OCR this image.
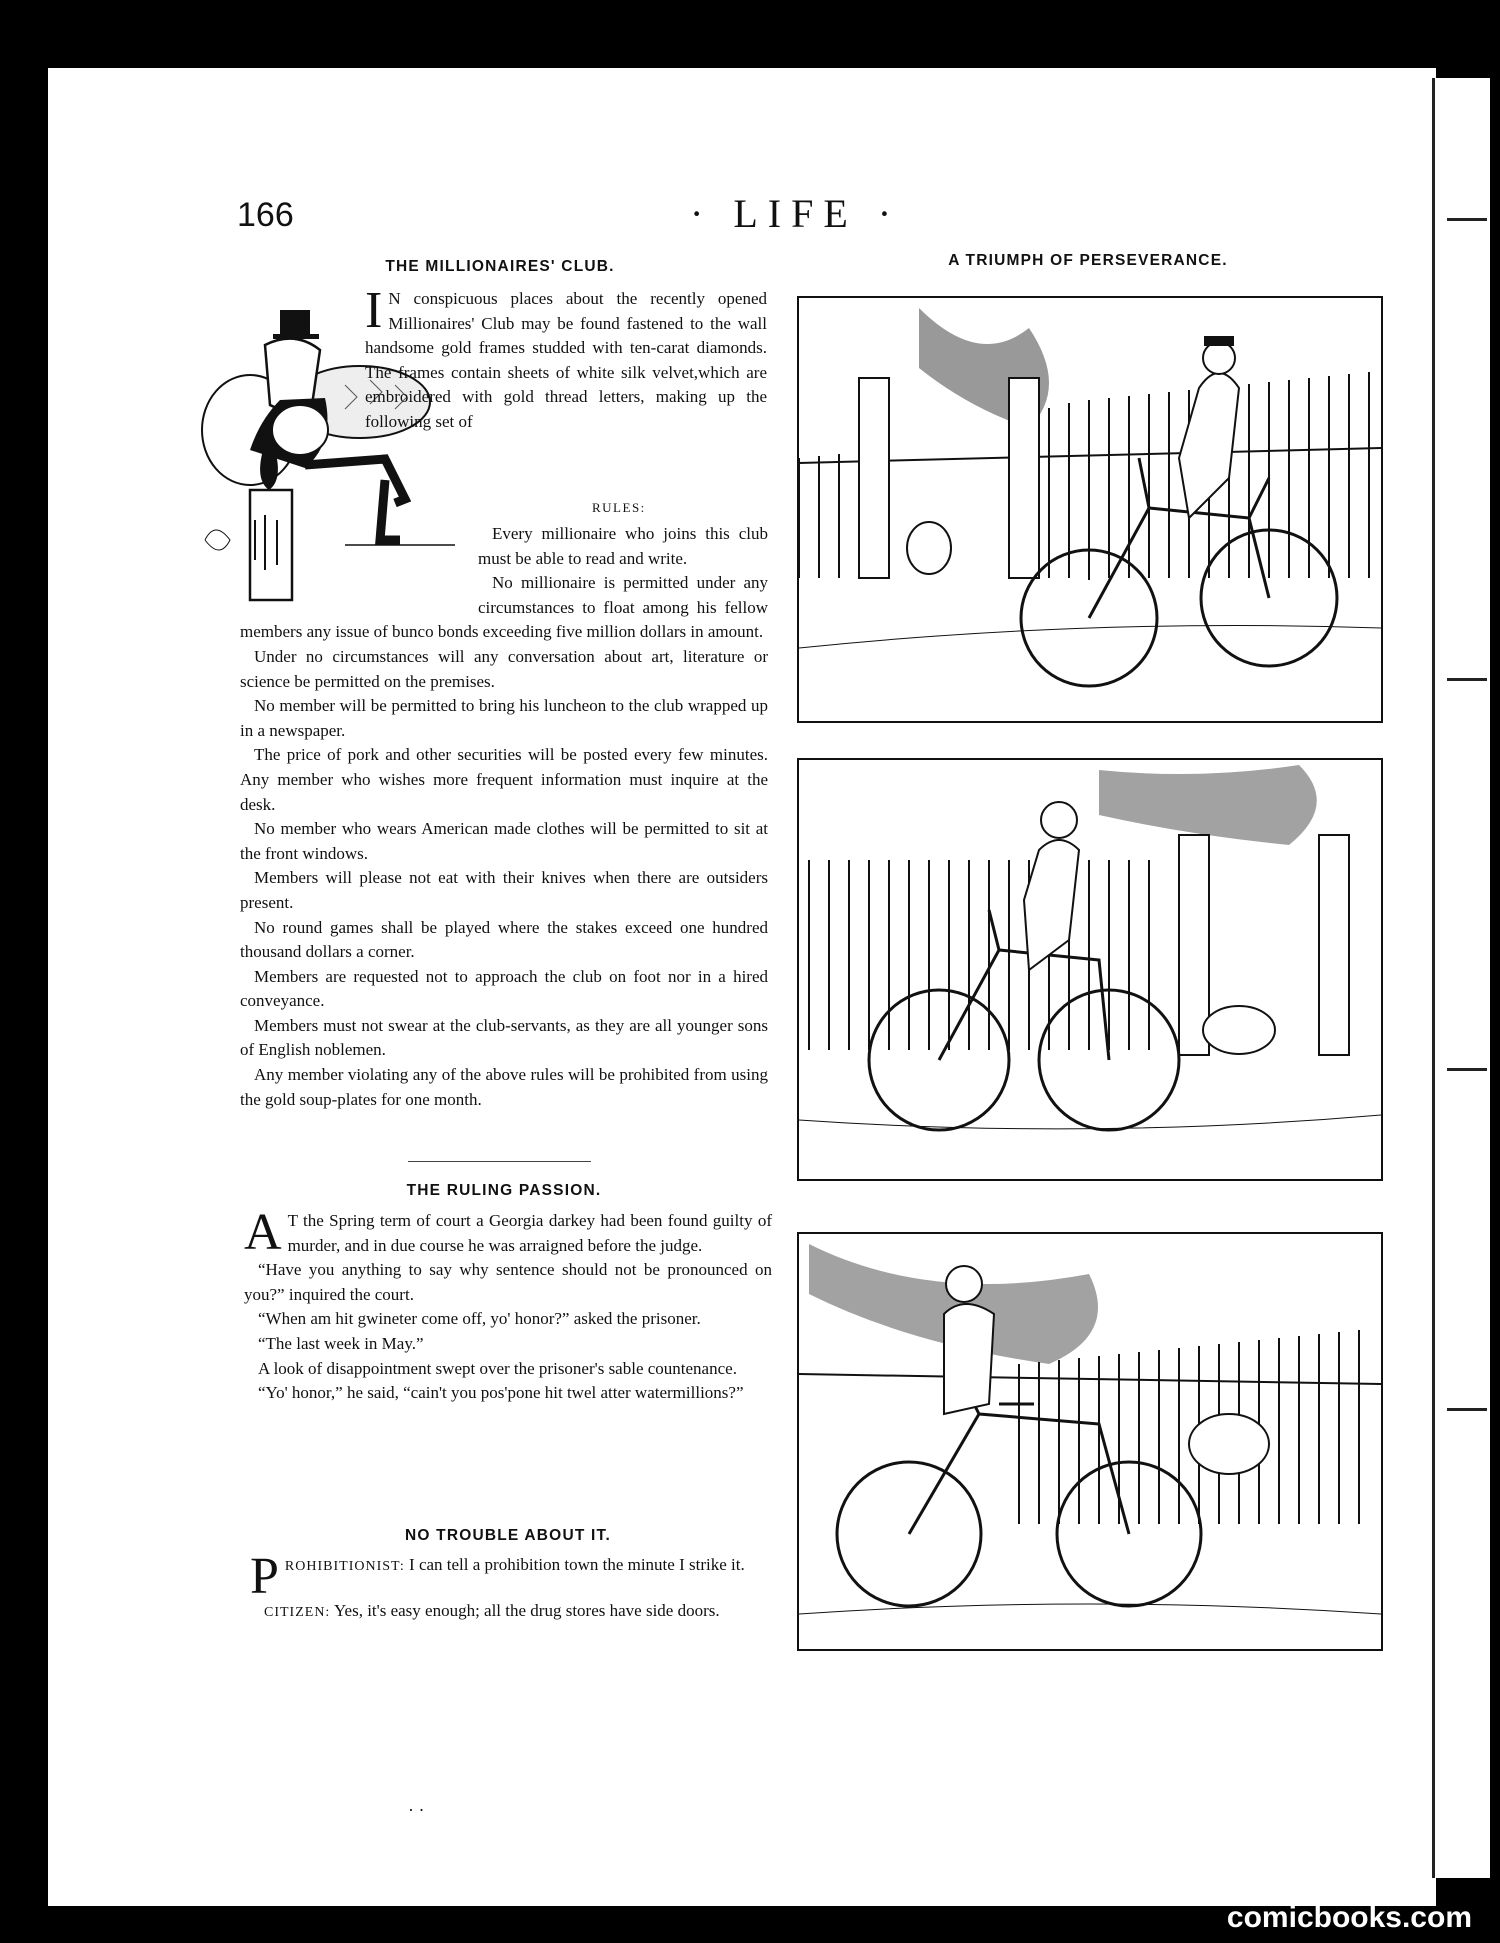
166	· LIFE ·
THE MILLIONAIRES' CLUB.

I N conspicuous places about the recently opened Millionaires' Club may be found fastened to the wall handsome gold frames studded with ten-carat diamonds. The frames contain sheets of white silk velvet,which are embroidered with gold thread letters, making up the following set of

RULES:

Every millionaire who joins this club must be able to read and write.

No millionaire is permitted under any circumstances to float among his fellow members any issue of bunco bonds exceeding five million dollars in amount.

Under no circumstances will any conversation about art, literature or science be permitted on the premises.

No member will be permitted to bring his luncheon to the club wrapped up in a newspaper.

The price of pork and other securities will be posted every few minutes. Any member who wishes more frequent information must inquire at the desk.

No member who wears American made clothes will be permitted to sit at the front windows.

Members will please not eat with their knives when there are outsiders present.

No round games shall be played where the stakes exceed one hundred thousand dollars a corner.

Members are requested not to approach the club on foot nor in a hired conveyance.

Members must not swear at the club-servants, as they are all younger sons of English noblemen.

Any member violating any of the above rules will be prohibited from using the gold soup-plates for one month.

THE RULING PASSION.

A T the Spring term of court a Georgia darkey had been found guilty of murder, and in due course he was arraigned before the judge.

“Have you anything to say why sentence should not be pronounced on you?” inquired the court.

“When am hit gwineter come off, yo' honor?” asked the prisoner.

“The last week in May.”

A look of disappointment swept over the prisoner's sable countenance.

“Yo' honor,” he said, “cain't you pos'pone hit twel atter watermillions?”

NO TROUBLE ABOUT IT.

PROHIBITIONIST: I can tell a prohibition town the minute I strike it.

CITIZEN: Yes, it's easy enough; all the drug stores have side doors.

· ·
A TRIUMPH OF PERSEVERANCE.
comicbooks.com
